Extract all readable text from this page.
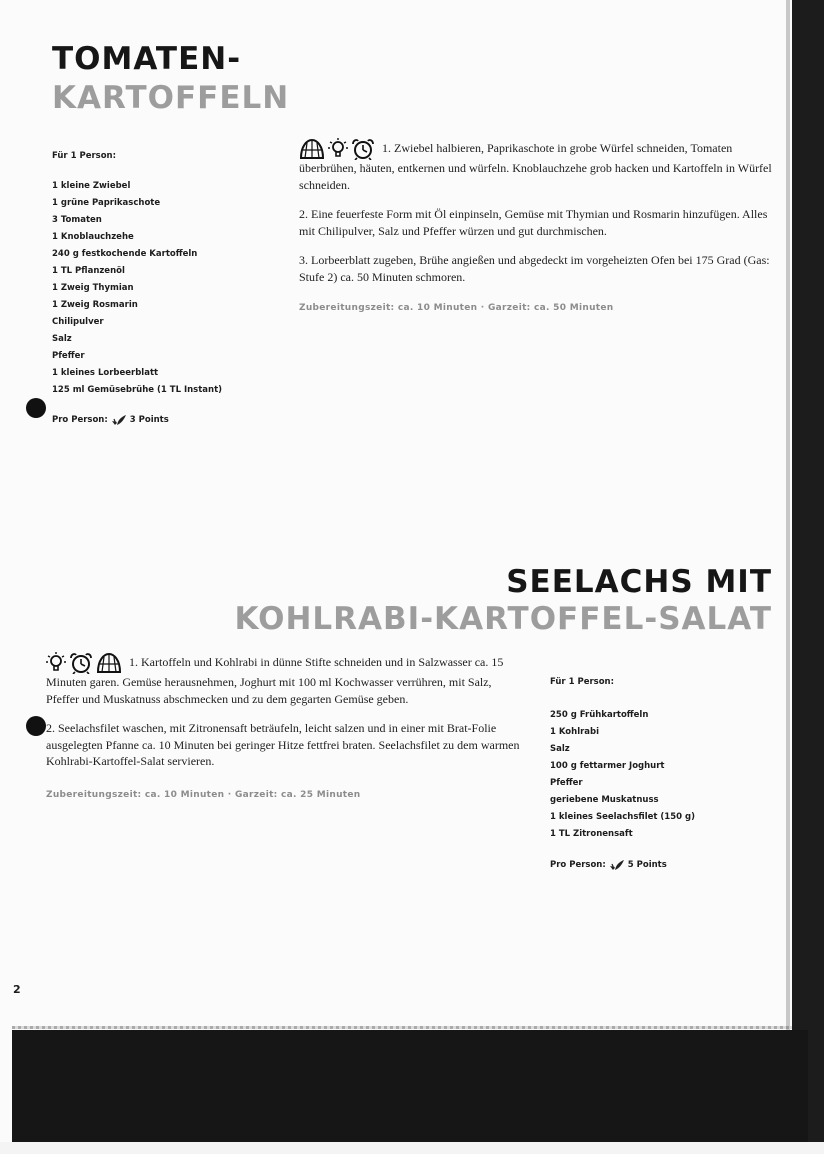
TOMATEN-
KARTOFFELN
Für 1 Person:
1 kleine Zwiebel
1 grüne Paprikaschote
3 Tomaten
1 Knoblauchzehe
240 g festkochende Kartoffeln
1 TL Pflanzenöl
1 Zweig Thymian
1 Zweig Rosmarin
Chilipulver
Salz
Pfeffer
1 kleines Lorbeerblatt
125 ml Gemüsebrühe (1 TL Instant)
Pro Person:	3 Points

1. Zwiebel halbieren, Paprikaschote in grobe Würfel schneiden, Tomaten überbrühen, häuten, entkernen und würfeln. Knoblauchzehe grob hacken und Kartoffeln in Würfel schneiden.

2. Eine feuerfeste Form mit Öl einpinseln, Gemüse mit Thymian und Rosmarin hinzufügen. Alles mit Chilipulver, Salz und Pfeffer würzen und gut durchmischen.

3. Lorbeerblatt zugeben, Brühe angießen und abgedeckt im vorgeheizten Ofen bei 175 Grad (Gas: Stufe 2) ca. 50 Minuten schmoren.

Zubereitungszeit: ca. 10 Minuten · Garzeit: ca. 50 Minuten
SEELACHS MIT
KOHLRABI-KARTOFFEL-SALAT

1. Kartoffeln und Kohlrabi in dünne Stifte schneiden und in Salzwasser ca. 15 Minuten garen. Gemüse herausnehmen, Joghurt mit 100 ml Kochwasser verrühren, mit Salz, Pfeffer und Muskatnuss abschmecken und zu dem gegarten Gemüse geben.

2. Seelachsfilet waschen, mit Zitronensaft beträufeln, leicht salzen und in einer mit Brat-Folie ausgelegten Pfanne ca. 10 Minuten bei geringer Hitze fettfrei braten. Seelachsfilet zu dem warmen Kohlrabi-Kartoffel-Salat servieren.

Zubereitungszeit: ca. 10 Minuten · Garzeit: ca. 25 Minuten
Für 1 Person:
250 g Frühkartoffeln
1 Kohlrabi
Salz
100 g fettarmer Joghurt
Pfeffer
geriebene Muskatnuss
1 kleines Seelachsfilet (150 g)
1 TL Zitronensaft
Pro Person:	5 Points
2
